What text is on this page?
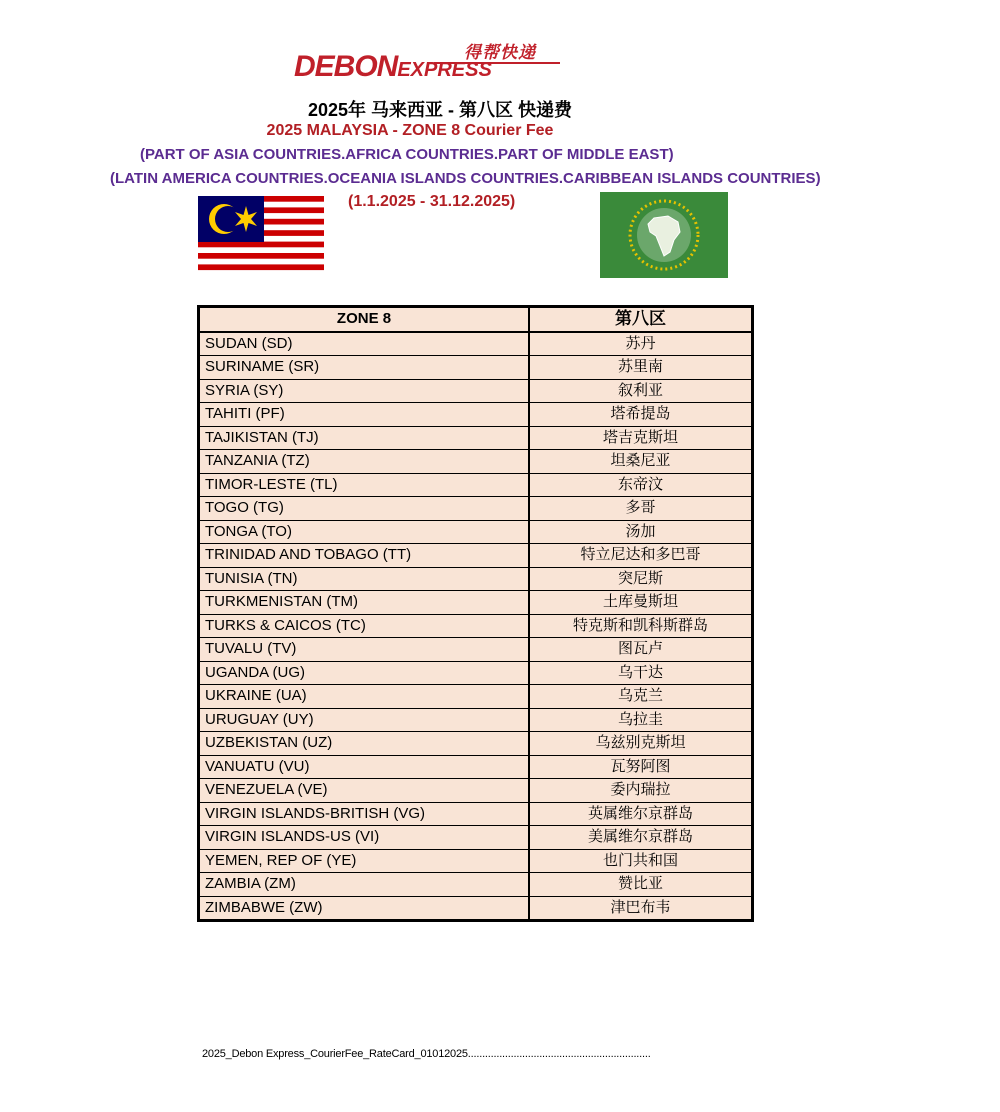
得帮快递
DEBONEXPRESS
2025年 马来西亚 - 第八区 快递费
2025 MALAYSIA - ZONE 8 Courier Fee
(PART OF ASIA COUNTRIES.AFRICA COUNTRIES.PART OF MIDDLE EAST)
(LATIN AMERICA COUNTRIES.OCEANIA ISLANDS COUNTRIES.CARIBBEAN ISLANDS COUNTRIES)
(1.1.2025 - 31.12.2025)
ZONE 8	第八区
SUDAN (SD)	苏丹
SURINAME (SR)	苏里南
SYRIA (SY)	叙利亚
TAHITI (PF)	塔希提岛
TAJIKISTAN (TJ)	塔吉克斯坦
TANZANIA (TZ)	坦桑尼亚
TIMOR-LESTE (TL)	东帝汶
TOGO (TG)	多哥
TONGA (TO)	汤加
TRINIDAD AND TOBAGO (TT)	特立尼达和多巴哥
TUNISIA (TN)	突尼斯
TURKMENISTAN (TM)	土库曼斯坦
TURKS & CAICOS (TC)	特克斯和凯科斯群岛
TUVALU (TV)	图瓦卢
UGANDA (UG)	乌干达
UKRAINE (UA)	乌克兰
URUGUAY (UY)	乌拉圭
UZBEKISTAN (UZ)	乌兹别克斯坦
VANUATU (VU)	瓦努阿图
VENEZUELA (VE)	委内瑞拉
VIRGIN ISLANDS-BRITISH (VG)	英属维尔京群岛
VIRGIN ISLANDS-US (VI)	美属维尔京群岛
YEMEN, REP OF (YE)	也门共和国
ZAMBIA (ZM)	赞比亚
ZIMBABWE (ZW)	津巴布韦
2025_Debon Express_CourierFee_RateCard_01012025................................................................
